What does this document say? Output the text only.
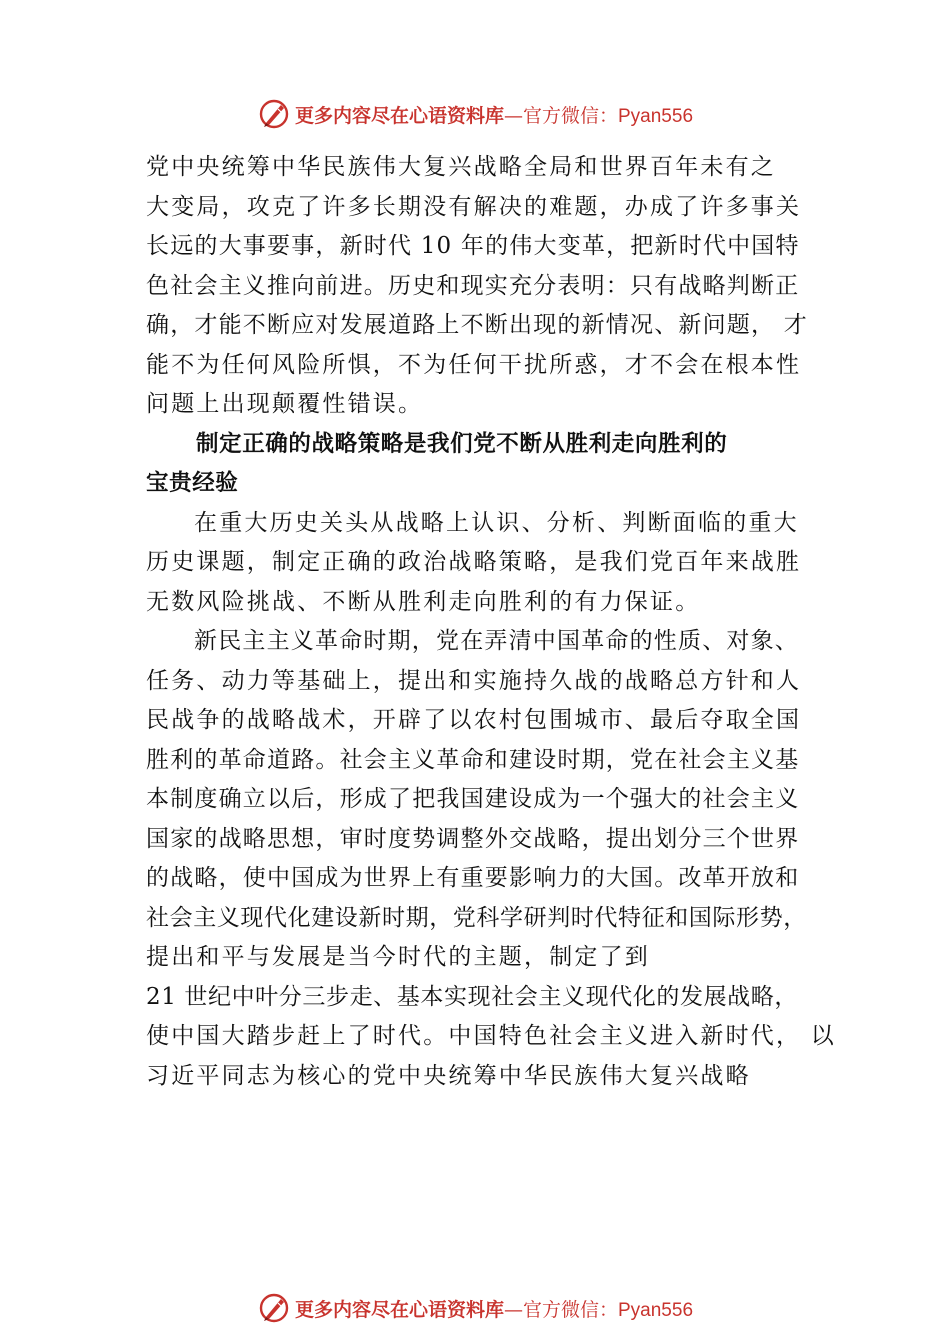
更多内容尽在心语资料库—官方微信：Pyan556
党中央统筹中华民族伟大复兴战略全局和世界百年未有之
大变局，攻克了许多长期没有解决的难题，办成了许多事关
长远的大事要事，新时代 10 年的伟大变革，把新时代中国特
色社会主义推向前进。历史和现实充分表明：只有战略判断正
确，才能不断应对发展道路上不断出现的新情况、新问题， 才
能不为任何风险所惧，不为任何干扰所惑，才不会在根本性
问题上出现颠覆性错误。
制定正确的战略策略是我们党不断从胜利走向胜利的
宝贵经验
在重大历史关头从战略上认识、分析、判断面临的重大
历史课题，制定正确的政治战略策略，是我们党百年来战胜
无数风险挑战、不断从胜利走向胜利的有力保证。
新民主主义革命时期，党在弄清中国革命的性质、对象、
任务、动力等基础上，提出和实施持久战的战略总方针和人
民战争的战略战术，开辟了以农村包围城市、最后夺取全国
胜利的革命道路。社会主义革命和建设时期，党在社会主义基
本制度确立以后，形成了把我国建设成为一个强大的社会主义
国家的战略思想，审时度势调整外交战略，提出划分三个世界
的战略，使中国成为世界上有重要影响力的大国。改革开放和
社会主义现代化建设新时期，党科学研判时代特征和国际形势，
提出和平与发展是当今时代的主题，制定了到
21 世纪中叶分三步走、基本实现社会主义现代化的发展战略，
使中国大踏步赶上了时代。中国特色社会主义进入新时代， 以
习近平同志为核心的党中央统筹中华民族伟大复兴战略
更多内容尽在心语资料库—官方微信：Pyan556
